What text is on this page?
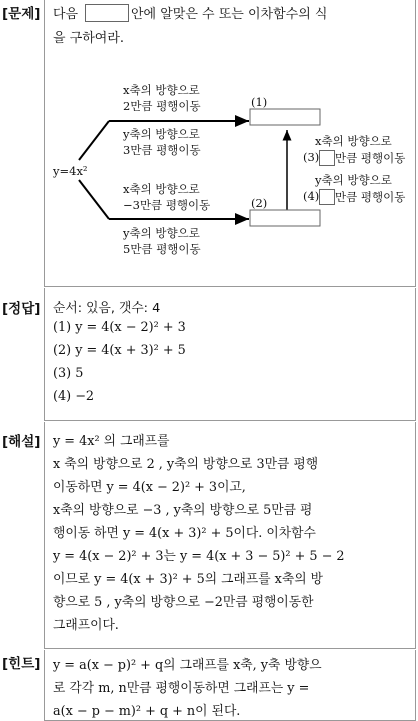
[문제] 다음	안에 알맞은 수 또는 이차함수의 식
을 구하여라.
y=4x²
x축의 방향으로
2만큼 평행이동
y축의 방향으로
3만큼 평행이동
x축의 방향으로
−3만큼 평행이동
y축의 방향으로
5만큼 평행이동
(1)
(2)
x축의 방향으로
(3) 만큼 평행이동
y축의 방향으로
(4) 만큼 평행이동
[정답] 순서: 있음, 갯수: 4
(1) y = 4(x − 2)² + 3
(2) y = 4(x + 3)² + 5
(3) 5
(4) −2
[해설] y = 4x² 의 그래프를
x 축의 방향으로 2 , y축의 방향으로 3만큼 평행
이동하면 y = 4(x − 2)² + 3이고,
x축의 방향으로 −3 , y축의 방향으로 5만큼 평
행이동 하면 y = 4(x + 3)² + 5이다. 이차함수
y = 4(x − 2)² + 3는 y = 4(x + 3 − 5)² + 5 − 2
이므로 y = 4(x + 3)² + 5의 그래프를 x축의 방
향으로 5 , y축의 방향으로 −2만큼 평행이동한
그래프이다.
[힌트] y = a(x − p)² + q의 그래프를 x축, y축 방향으
로 각각 m, n만큼 평행이동하면 그래프는 y =
a(x − p − m)² + q + n이 된다.
